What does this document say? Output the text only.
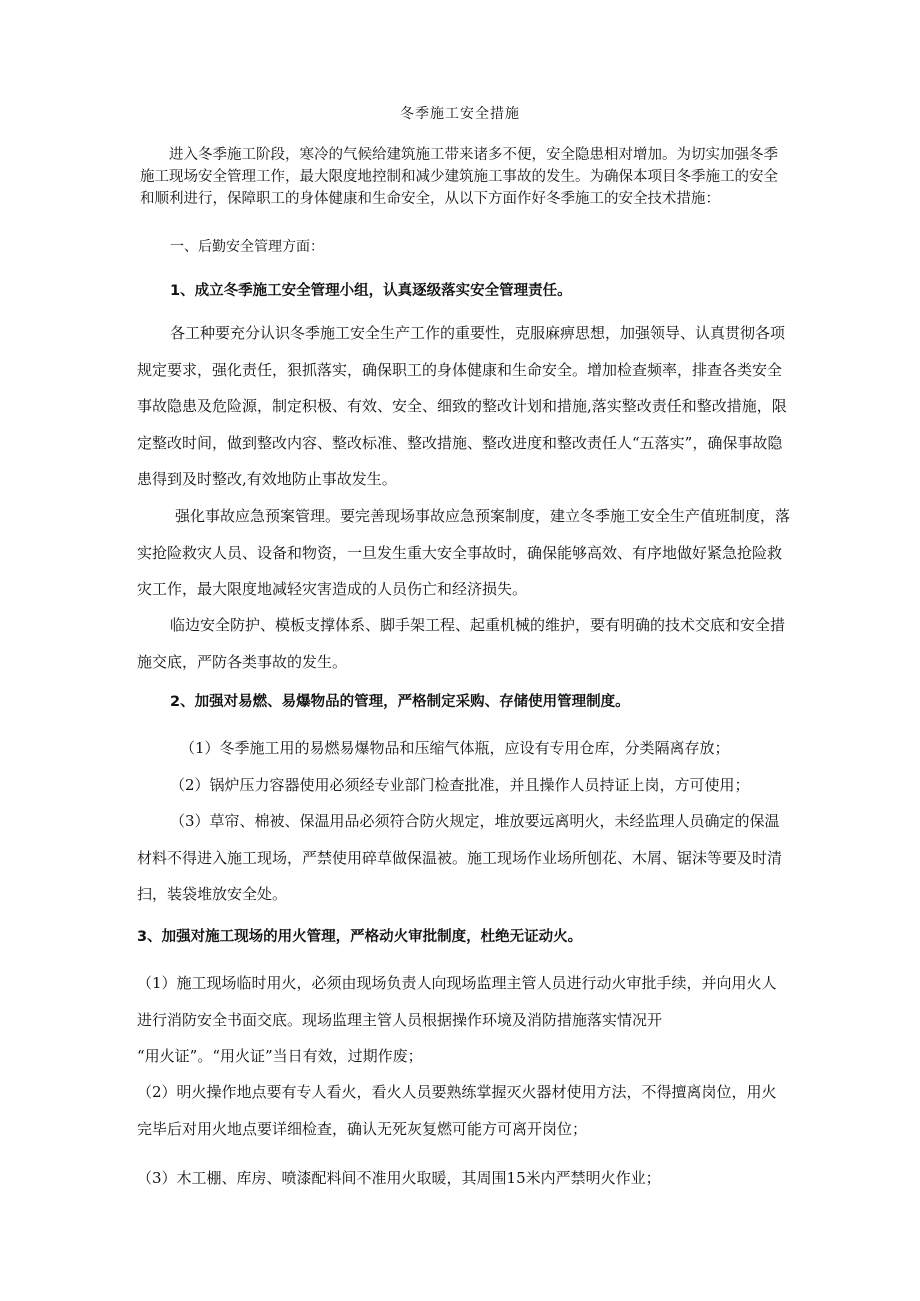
冬季施工安全措施

进入冬季施工阶段，寒冷的气候给建筑施工带来诸多不便，安全隐患相对增加。为切实加强冬季施工现场安全管理工作，最大限度地控制和减少建筑施工事故的发生。为确保本项目冬季施工的安全和顺利进行，保障职工的身体健康和生命安全，从以下方面作好冬季施工的安全技术措施：

一、后勤安全管理方面：

1、成立冬季施工安全管理小组，认真逐级落实安全管理责任。

各工种要充分认识冬季施工安全生产工作的重要性，克服麻痹思想，加强领导、认真贯彻各项规定要求，强化责任，狠抓落实，确保职工的身体健康和生命安全。增加检查频率，排查各类安全事故隐患及危险源，制定积极、有效、安全、细致的整改计划和措施,落实整改责任和整改措施，限定整改时间，做到整改内容、整改标准、整改措施、整改进度和整改责任人“五落实”，确保事故隐患得到及时整改,有效地防止事故发生。

强化事故应急预案管理。要完善现场事故应急预案制度，建立冬季施工安全生产值班制度，落实抢险救灾人员、设备和物资，一旦发生重大安全事故时，确保能够高效、有序地做好紧急抢险救灾工作，最大限度地减轻灾害造成的人员伤亡和经济损失。

临边安全防护、模板支撑体系、脚手架工程、起重机械的维护，要有明确的技术交底和安全措施交底，严防各类事故的发生。

2、加强对易燃、易爆物品的管理，严格制定采购、存储使用管理制度。

（1）冬季施工用的易燃易爆物品和压缩气体瓶，应设有专用仓库，分类隔离存放；

（2）锅炉压力容器使用必须经专业部门检查批准，并且操作人员持证上岗，方可使用；

（3）草帘、棉被、保温用品必须符合防火规定，堆放要远离明火，未经监理人员确定的保温材料不得进入施工现场，严禁使用碎草做保温被。施工现场作业场所刨花、木屑、锯沫等要及时清扫，装袋堆放安全处。

3、加强对施工现场的用火管理，严格动火审批制度，杜绝无证动火。

（1）施工现场临时用火，必须由现场负责人向现场监理主管人员进行动火审批手续，并向用火人进行消防安全书面交底。现场监理主管人员根据操作环境及消防措施落实情况开

“用火证”。“用火证”当日有效，过期作废；

（2）明火操作地点要有专人看火，看火人员要熟练掌握灭火器材使用方法，不得擅离岗位，用火完毕后对用火地点要详细检查，确认无死灰复燃可能方可离开岗位；

（3）木工棚、库房、喷漆配料间不准用火取暖，其周围15米内严禁明火作业；
